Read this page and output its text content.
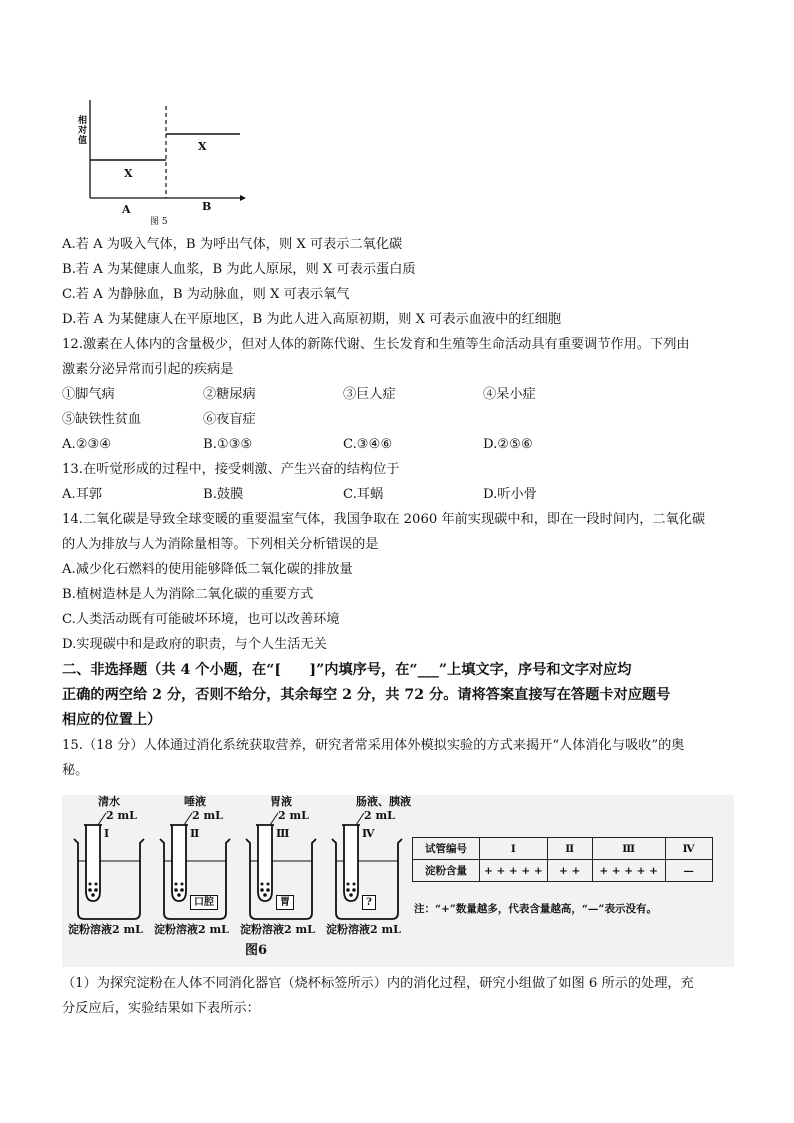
相
对
值
X
X
A	B
图 5
A.若 A 为吸入气体，B 为呼出气体，则 X 可表示二氧化碳
B.若 A 为某健康人血浆，B 为此人原尿，则 X 可表示蛋白质
C.若 A 为静脉血，B 为动脉血，则 X 可表示氧气
D.若 A 为某健康人在平原地区，B 为此人进入高原初期，则 X 可表示血液中的红细胞
12.激素在人体内的含量极少，但对人体的新陈代谢、生长发育和生殖等生命活动具有重要调节作用。下列由
激素分泌异常而引起的疾病是
①脚气病	②糖尿病	③巨人症	④呆小症
⑤缺铁性贫血	⑥夜盲症
A.②③④	B.①③⑤	C.③④⑥	D.②⑤⑥
13.在听觉形成的过程中，接受刺激、产生兴奋的结构位于
A.耳郭	B.鼓膜	C.耳蜗	D.听小骨
14.二氧化碳是导致全球变暖的重要温室气体，我国争取在 2060 年前实现碳中和，即在一段时间内，二氧化碳
的人为排放与人为消除量相等。下列相关分析错误的是
A.减少化石燃料的使用能够降低二氧化碳的排放量
B.植树造林是人为消除二氧化碳的重要方式
C.人类活动既有可能破坏环境，也可以改善环境
D.实现碳中和是政府的职责，与个人生活无关
二、非选择题（共 4 个小题，在“[　　]”内填序号，在“___”上填文字，序号和文字对应均
正确的两空给 2 分，否则不给分，其余每空 2 分，共 72 分。请将答案直接写在答题卡对应题号
相应的位置上）
15.（18 分）人体通过消化系统获取营养，研究者常采用体外模拟实验的方式来揭开“人体消化与吸收”的奥
秘。
清水
2 mL
Ⅰ
淀粉溶液2 mL
唾液
2 mL
Ⅱ
口腔
淀粉溶液2 mL
胃液
2 mL
Ⅲ
胃
淀粉溶液2 mL
肠液、胰液
2 mL
Ⅳ
?
淀粉溶液2 mL
图6
试管编号	Ⅰ	Ⅱ	Ⅲ	Ⅳ
淀粉含量	+ + + + +	+ +	+ + + + +	—
注：“+”数量越多，代表含量越高，“—”表示没有。
（1）为探究淀粉在人体不同消化器官（烧杯标签所示）内的消化过程，研究小组做了如图 6 所示的处理，充
分反应后，实验结果如下表所示：
